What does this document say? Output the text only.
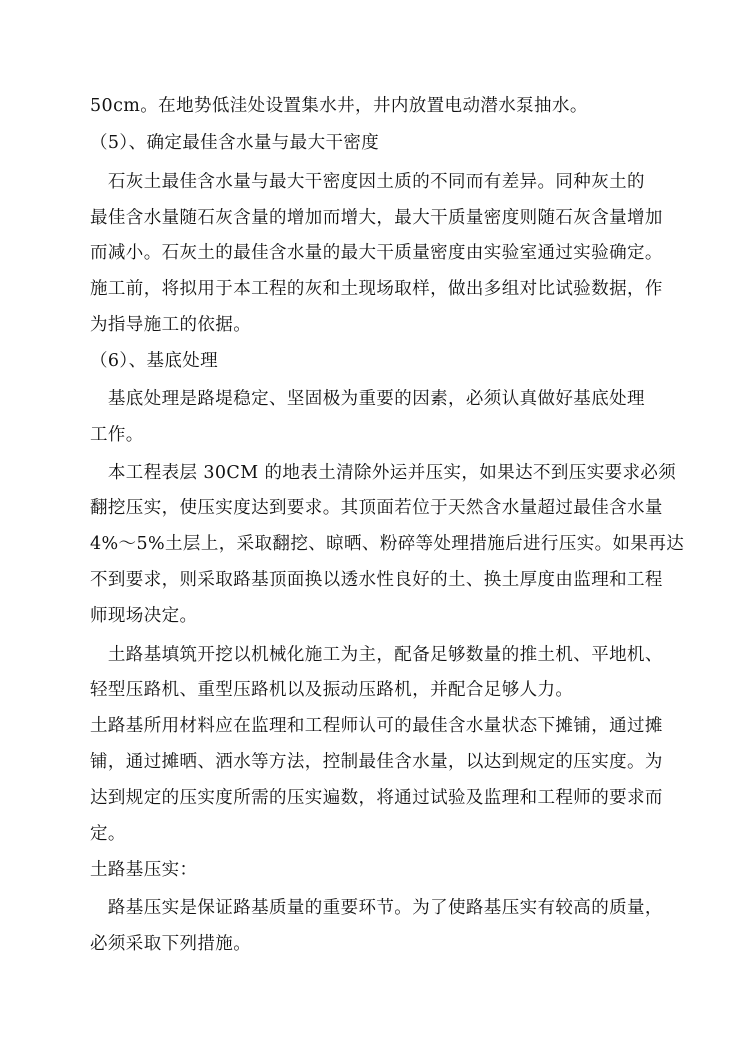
50cm。在地势低洼处设置集水井，井内放置电动潜水泵抽水。
（5）、确定最佳含水量与最大干密度
　石灰土最佳含水量与最大干密度因土质的不同而有差异。同种灰土的
最佳含水量随石灰含量的增加而增大，最大干质量密度则随石灰含量增加
而减小。石灰土的最佳含水量的最大干质量密度由实验室通过实验确定。
施工前，将拟用于本工程的灰和土现场取样，做出多组对比试验数据，作
为指导施工的依据。
（6）、基底处理
　基底处理是路堤稳定、坚固极为重要的因素，必须认真做好基底处理
工作。
　本工程表层 30CM 的地表土清除外运并压实，如果达不到压实要求必须
翻挖压实，使压实度达到要求。其顶面若位于天然含水量超过最佳含水量
4%～5%土层上，采取翻挖、晾晒、粉碎等处理措施后进行压实。如果再达
不到要求，则采取路基顶面换以透水性良好的土、换土厚度由监理和工程
师现场决定。
　土路基填筑开挖以机械化施工为主，配备足够数量的推土机、平地机、
轻型压路机、重型压路机以及振动压路机，并配合足够人力。
土路基所用材料应在监理和工程师认可的最佳含水量状态下摊铺，通过摊
铺，通过摊晒、洒水等方法，控制最佳含水量，以达到规定的压实度。为
达到规定的压实度所需的压实遍数，将通过试验及监理和工程师的要求而
定。
土路基压实：
　路基压实是保证路基质量的重要环节。为了使路基压实有较高的质量，
必须采取下列措施。
